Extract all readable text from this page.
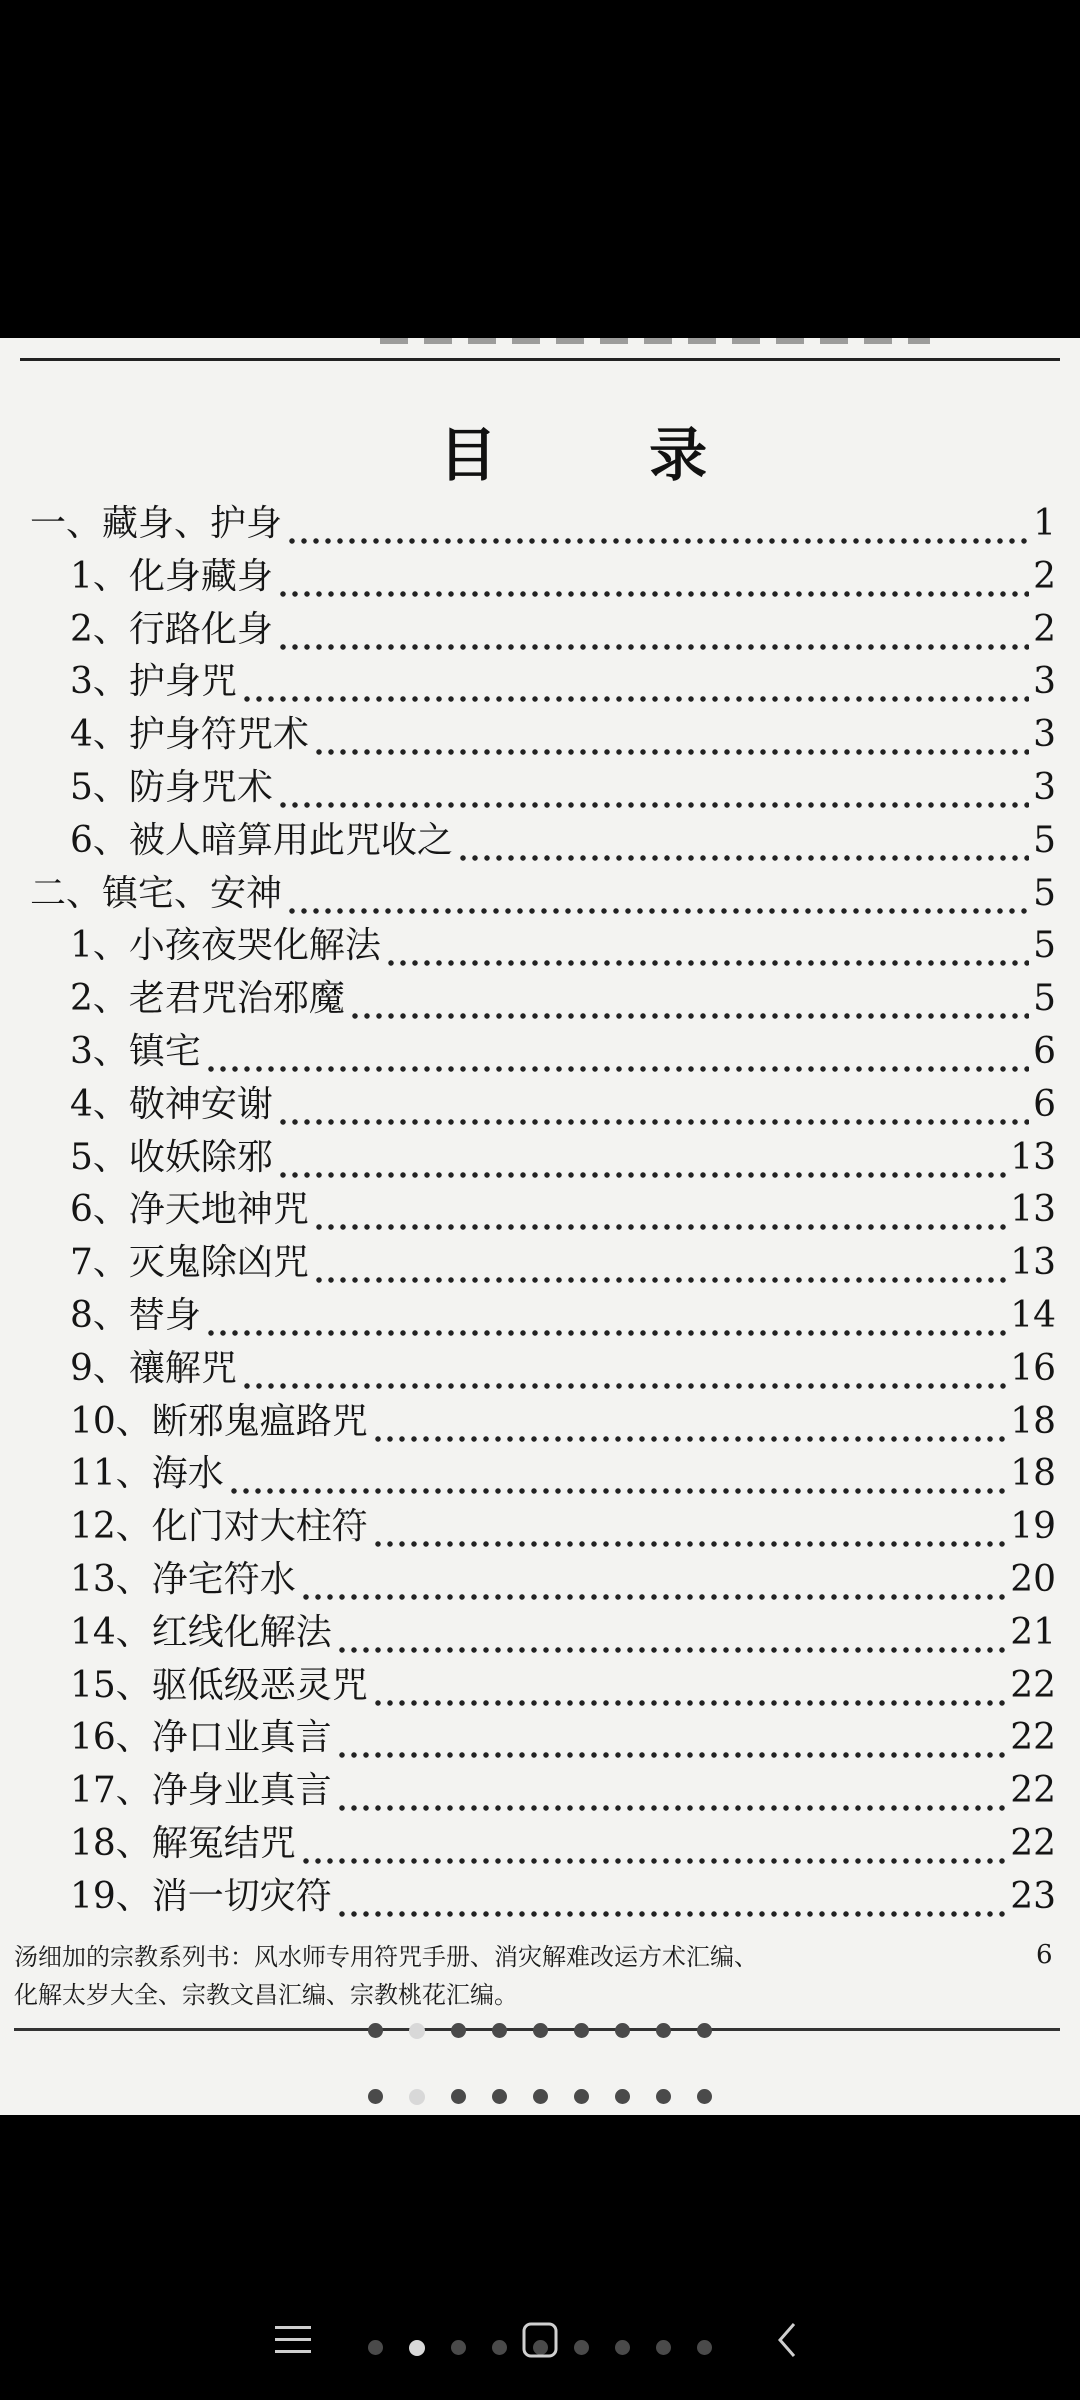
目 录
一、藏身、护身	1
1、化身藏身	2
2、行路化身	2
3、护身咒	3
4、护身符咒术	3
5、防身咒术	3
6、被人暗算用此咒收之	5
二、镇宅、安神	5
1、小孩夜哭化解法	5
2、老君咒治邪魔	5
3、镇宅	6
4、敬神安谢	6
5、收妖除邪	13
6、净天地神咒	13
7、灭鬼除凶咒	13
8、替身	14
9、禳解咒	16
10、断邪鬼瘟路咒	18
11、海水	18
12、化门对大柱符	19
13、净宅符水	20
14、红线化解法	21
15、驱低级恶灵咒	22
16、净口业真言	22
17、净身业真言	22
18、解冤结咒	22
19、消一切灾符	23
汤细加的宗教系列书：风水师专用符咒手册、消灾解难改运方术汇编、
化解太岁大全、宗教文昌汇编、宗教桃花汇编。
6
